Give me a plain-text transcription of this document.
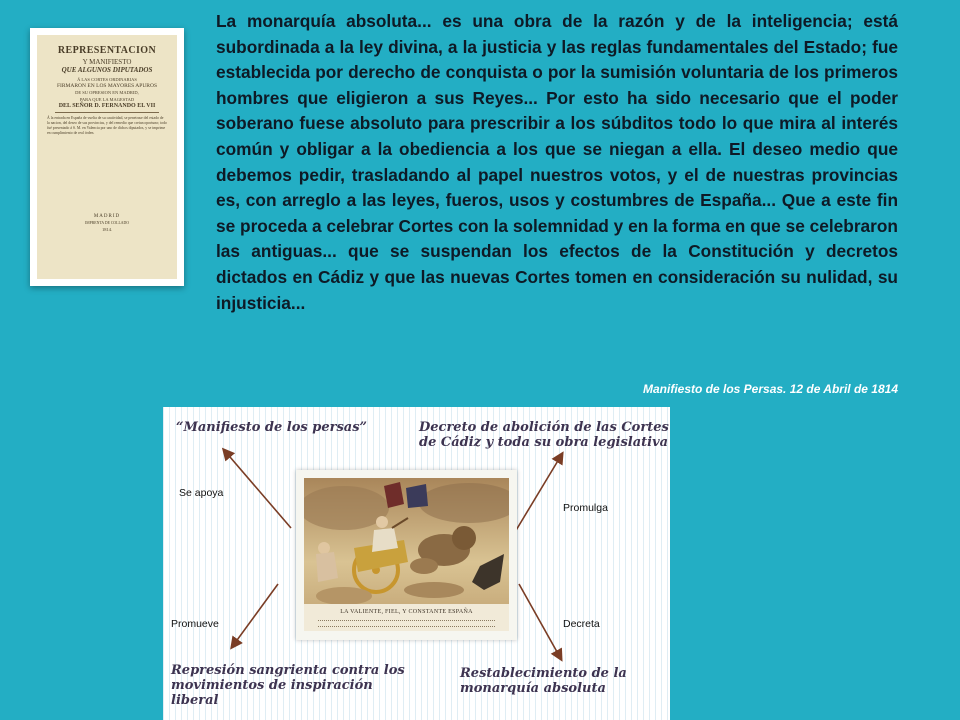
REPRESENTACION
Y MANIFIESTO
QUE ALGUNOS DIPUTADOS
Á LAS CORTES ORDINARIAS
FIRMARON EN LOS MAYORES APUROS
DE SU OPRESION EN MADRID,
PARA QUE LA MAGESTAD
DEL SEÑOR D. FERNANDO EL VII
Á la entrada en España de vuelta de su cautividad, se penetrase del estado de la nacion, del deseo de sus provincias, y del remedio que creian oportuno; todo fué presentado á S. M. en Valencia por uno de dichos diputados, y se imprime en cumplimiento de real órden.
MADRID
IMPRENTA DE COLLADO
1814.

La monarquía absoluta... es una obra de la razón y de la inteligencia; está subordinada a la ley divina, a la justicia y las reglas fundamentales del Estado; fue establecida por derecho de conquista o por la sumisión voluntaria de los primeros hombres que eligieron a sus Reyes... Por esto ha sido necesario que el poder soberano fuese absoluto para prescribir a los súbditos todo lo que mira al interés común y obligar a la obediencia a los que se niegan a ella. El deseo medio que debemos pedir, trasladando al papel nuestros votos, y el de nuestras provincias es, con arreglo a las leyes, fueros, usos y costumbres de España... Que a este fin se proceda a celebrar Cortes con la solemnidad y en la forma en que se celebraron las antiguas... que se suspendan los efectos de la Constitución y decretos dictados en Cádiz y que las nuevas Cortes tomen en consideración su nulidad, su injusticia...

Manifiesto de los Persas. 12 de Abril de 1814
“Manifiesto de los persas”	Decreto de abolición de las Cortes de Cádiz y toda su obra legislativa
Represión sangrienta contra los movimientos de inspiración liberal
Restablecimiento de la monarquía absoluta
Se apoya
Promulga
Promueve	Decreta
LA VALIENTE, FIEL, Y CONSTANTE ESPAÑA
